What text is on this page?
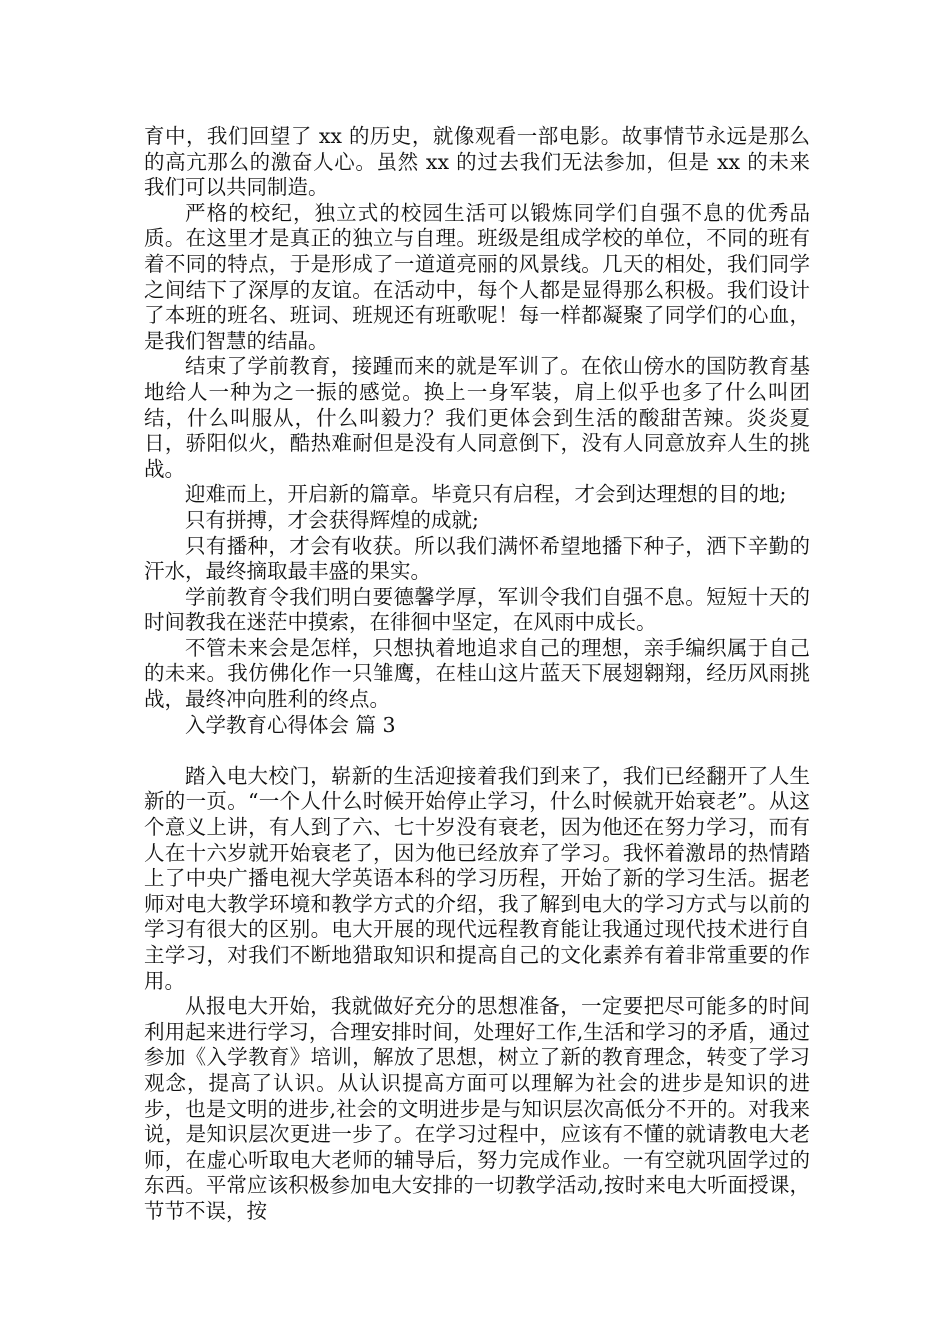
育中，我们回望了 xx 的历史，就像观看一部电影。故事情节永远是那么的高亢那么的激奋人心。虽然 xx 的过去我们无法参加，但是 xx 的未来我们可以共同制造。

严格的校纪，独立式的校园生活可以锻炼同学们自强不息的优秀品质。在这里才是真正的独立与自理。班级是组成学校的单位，不同的班有着不同的特点，于是形成了一道道亮丽的风景线。几天的相处，我们同学之间结下了深厚的友谊。在活动中，每个人都是显得那么积极。我们设计了本班的班名、班词、班规还有班歌呢！每一样都凝聚了同学们的心血，是我们智慧的结晶。

结束了学前教育，接踵而来的就是军训了。在依山傍水的国防教育基地给人一种为之一振的感觉。换上一身军装，肩上似乎也多了什么叫团结，什么叫服从，什么叫毅力？我们更体会到生活的酸甜苦辣。炎炎夏日，骄阳似火，酷热难耐但是没有人同意倒下，没有人同意放弃人生的挑战。

迎难而上，开启新的篇章。毕竟只有启程，才会到达理想的目的地;

只有拼搏，才会获得辉煌的成就;

只有播种，才会有收获。所以我们满怀希望地播下种子，洒下辛勤的汗水，最终摘取最丰盛的果实。

学前教育令我们明白要德馨学厚，军训令我们自强不息。短短十天的时间教我在迷茫中摸索，在徘徊中坚定，在风雨中成长。

不管未来会是怎样，只想执着地追求自己的理想，亲手编织属于自己的未来。我仿佛化作一只雏鹰，在桂山这片蓝天下展翅翱翔，经历风雨挑战，最终冲向胜利的终点。

入学教育心得体会 篇 3

踏入电大校门，崭新的生活迎接着我们到来了，我们已经翻开了人生新的一页。“一个人什么时候开始停止学习，什么时候就开始衰老”。从这个意义上讲，有人到了六、七十岁没有衰老，因为他还在努力学习，而有人在十六岁就开始衰老了，因为他已经放弃了学习。我怀着激昂的热情踏上了中央广播电视大学英语本科的学习历程，开始了新的学习生活。据老师对电大教学环境和教学方式的介绍，我了解到电大的学习方式与以前的学习有很大的区别。电大开展的现代远程教育能让我通过现代技术进行自主学习，对我们不断地猎取知识和提高自己的文化素养有着非常重要的作用。

从报电大开始，我就做好充分的思想准备，一定要把尽可能多的时间利用起来进行学习，合理安排时间，处理好工作,生活和学习的矛盾，通过参加《入学教育》培训，解放了思想，树立了新的教育理念，转变了学习观念，提高了认识。从认识提高方面可以理解为社会的进步是知识的进步，也是文明的进步,社会的文明进步是与知识层次高低分不开的。对我来说，是知识层次更进一步了。在学习过程中，应该有不懂的就请教电大老师，在虚心听取电大老师的辅导后，努力完成作业。一有空就巩固学过的东西。平常应该积极参加电大安排的一切教学活动,按时来电大听面授课，节节不误，按
